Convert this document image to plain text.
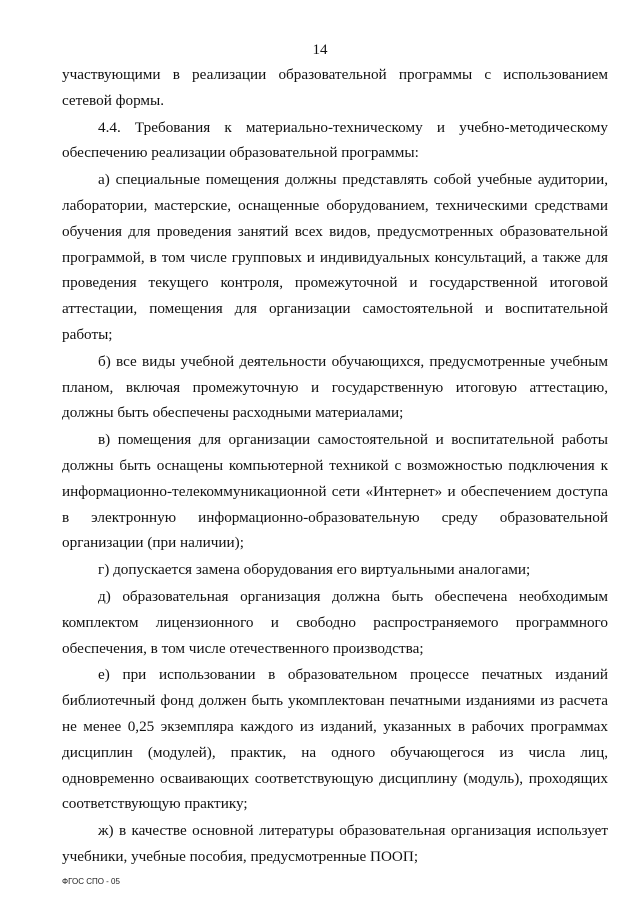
14

участвующими в реализации образовательной программы с использованием сетевой формы.

4.4. Требования к материально-техническому и учебно-методическому обеспечению реализации образовательной программы:

а) специальные помещения должны представлять собой учебные аудитории, лаборатории, мастерские, оснащенные оборудованием, техническими средствами обучения для проведения занятий всех видов, предусмотренных образовательной программой, в том числе групповых и индивидуальных консультаций, а также для проведения текущего контроля, промежуточной и государственной итоговой аттестации, помещения для организации самостоятельной и воспитательной работы;

б) все виды учебной деятельности обучающихся, предусмотренные учебным планом, включая промежуточную и государственную итоговую аттестацию, должны быть обеспечены расходными материалами;

в) помещения для организации самостоятельной и воспитательной работы должны быть оснащены компьютерной техникой с возможностью подключения к информационно-телекоммуникационной сети «Интернет» и обеспечением доступа в электронную информационно-образовательную среду образовательной организации (при наличии);

г) допускается замена оборудования его виртуальными аналогами;

д) образовательная организация должна быть обеспечена необходимым комплектом лицензионного и свободно распространяемого программного обеспечения, в том числе отечественного производства;

е) при использовании в образовательном процессе печатных изданий библиотечный фонд должен быть укомплектован печатными изданиями из расчета не менее 0,25 экземпляра каждого из изданий, указанных в рабочих программах дисциплин (модулей), практик, на одного обучающегося из числа лиц, одновременно осваивающих соответствующую дисциплину (модуль), проходящих соответствующую практику;

ж) в качестве основной литературы образовательная организация использует учебники, учебные пособия, предусмотренные ПООП;

ФГОС СПО - 05
